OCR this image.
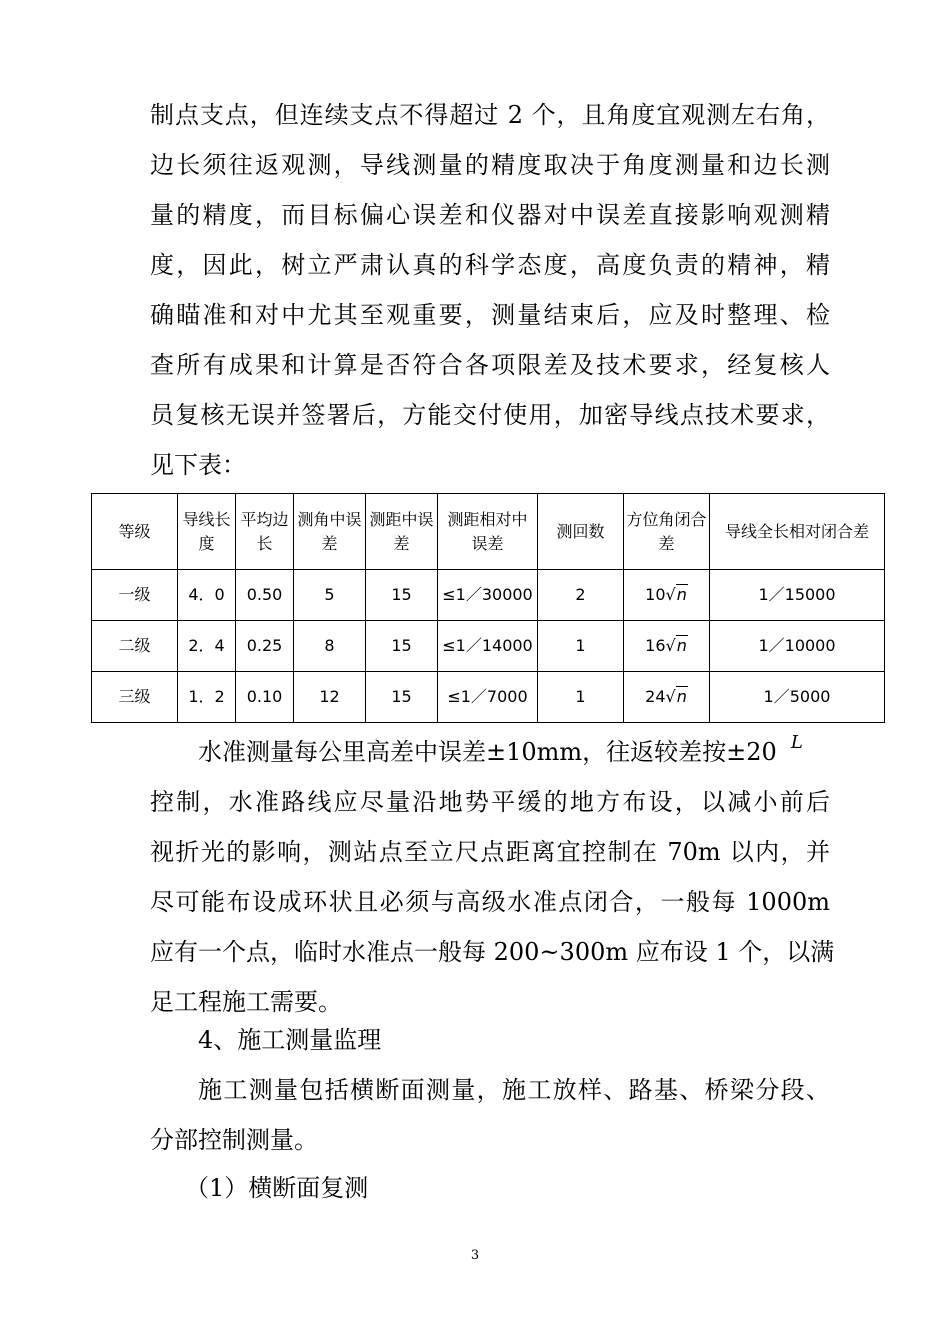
制点支点，但连续支点不得超过 2 个，且角度宜观测左右角，
边长须往返观测，导线测量的精度取决于角度测量和边长测
量的精度，而目标偏心误差和仪器对中误差直接影响观测精
度，因此，树立严肃认真的科学态度，高度负责的精神，精
确瞄准和对中尤其至观重要，测量结束后，应及时整理、检
查所有成果和计算是否符合各项限差及技术要求，经复核人
员复核无误并签署后，方能交付使用，加密导线点技术要求，
见下表：
等级	导线长度	平均边长	测角中误差	测距中误差	测距相对中误差	测回数	方位角闭合差	导线全长相对闭合差
一级	4．0	0.50	5	15	≤1／30000	2	10√n	1／15000
二级	2．4	0.25	8	15	≤1／14000	1	16√n	1／10000
三级	1．2	0.10	12	15	≤1／7000	1	24√n	1／5000
水准测量每公里高差中误差±10mm，往返较差按±20 $^L$
控制，水准路线应尽量沿地势平缓的地方布设，以减小前后
视折光的影响，测站点至立尺点距离宜控制在 70m 以内，并
尽可能布设成环状且必须与高级水准点闭合，一般每 1000m
应有一个点，临时水准点一般每 200~300m 应布设 1 个，以满
足工程施工需要。
4、施工测量监理
施工测量包括横断面测量，施工放样、路基、桥梁分段、
分部控制测量。
（1）横断面复测
3
